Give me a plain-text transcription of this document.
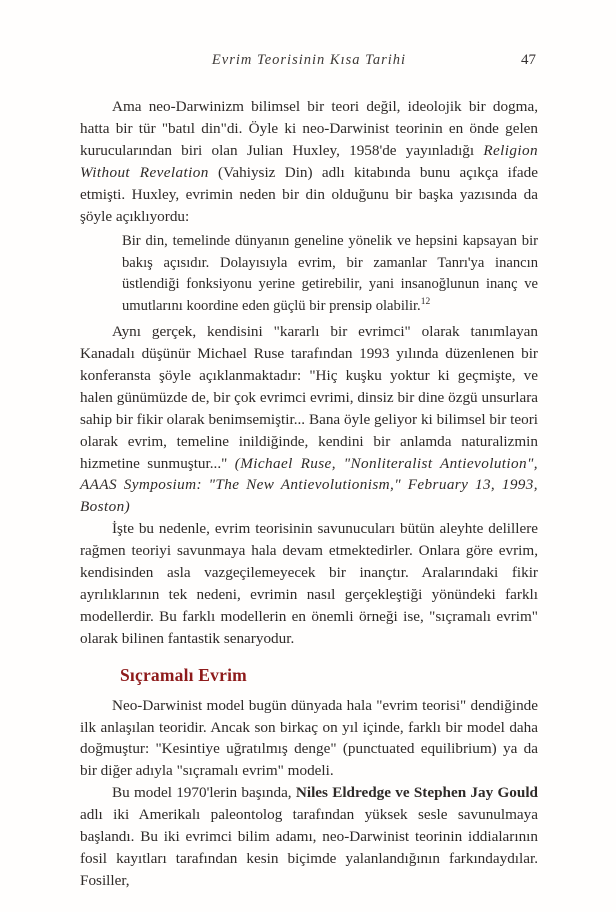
Evrim Teorisinin Kısa Tarihi	47

Ama neo-Darwinizm bilimsel bir teori değil, ideolojik bir dogma, hatta bir tür "batıl din"di. Öyle ki neo-Darwinist teorinin en önde gelen kurucularından biri olan Julian Huxley, 1958'de yayınladığı Religion Without Revelation (Vahiysiz Din) adlı kitabında bunu açıkça ifade etmişti. Huxley, evrimin neden bir din olduğunu bir başka yazısında da şöyle açıklıyordu:

Bir din, temelinde dünyanın geneline yönelik ve hepsini kapsayan bir bakış açısıdır. Dolayısıyla evrim, bir zamanlar Tanrı'ya inancın üstlendiği fonksiyonu yerine getirebilir, yani insanoğlunun inanç ve umutlarını koordine eden güçlü bir prensip olabilir.$^{12}$

Aynı gerçek, kendisini "kararlı bir evrimci" olarak tanımlayan Kanadalı düşünür Michael Ruse tarafından 1993 yılında düzenlenen bir konferansta şöyle açıklanmaktadır: "Hiç kuşku yoktur ki geçmişte, ve halen günümüzde de, bir çok evrimci evrimi, dinsiz bir dine özgü unsurlara sahip bir fikir olarak benimsemiştir... Bana öyle geliyor ki bilimsel bir teori olarak evrim, temeline inildiğinde, kendini bir anlamda naturalizmin hizmetine sunmuştur..." (Michael Ruse, "Nonliteralist Antievolution", AAAS Symposium: "The New Antievolutionism," February 13, 1993, Boston)

İşte bu nedenle, evrim teorisinin savunucuları bütün aleyhte delillere rağmen teoriyi savunmaya hala devam etmektedirler. Onlara göre evrim, kendisinden asla vazgeçilemeyecek bir inançtır. Aralarındaki fikir ayrılıklarının tek nedeni, evrimin nasıl gerçekleştiği yönündeki farklı modellerdir. Bu farklı modellerin en önemli örneği ise, "sıçramalı evrim" olarak bilinen fantastik senaryodur.

Sıçramalı Evrim

Neo-Darwinist model bugün dünyada hala "evrim teorisi" dendiğinde ilk anlaşılan teoridir. Ancak son birkaç on yıl içinde, farklı bir model daha doğmuştur: "Kesintiye uğratılmış denge" (punctuated equilibrium) ya da bir diğer adıyla "sıçramalı evrim" modeli.

Bu model 1970'lerin başında, Niles Eldredge ve Stephen Jay Gould adlı iki Amerikalı paleontolog tarafından yüksek sesle savunulmaya başlandı. Bu iki evrimci bilim adamı, neo-Darwinist teorinin iddialarının fosil kayıtları tarafından kesin biçimde yalanlandığının farkındaydılar. Fosiller,
